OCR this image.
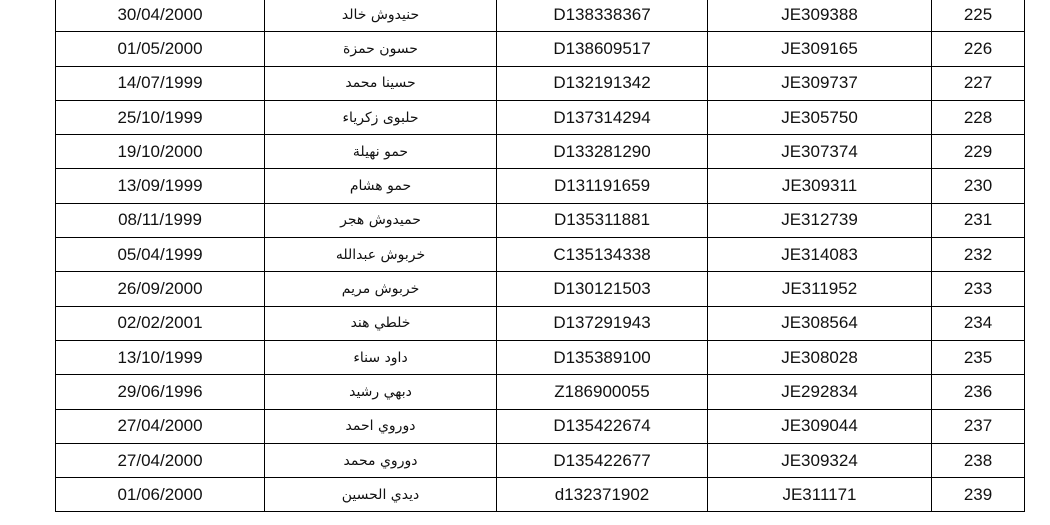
30/04/2000	حنيدوش خالد	D138338367	JE309388	225
01/05/2000	حسون حمزة	D138609517	JE309165	226
14/07/1999	حسينا محمد	D132191342	JE309737	227
25/10/1999	حلبوى زكرياء	D137314294	JE305750	228
19/10/2000	حمو نهيلة	D133281290	JE307374	229
13/09/1999	حمو هشام	D131191659	JE309311	230
08/11/1999	حميدوش هجر	D135311881	JE312739	231
05/04/1999	خربوش عبدالله	C135134338	JE314083	232
26/09/2000	خربوش مريم	D130121503	JE311952	233
02/02/2001	خلطي هند	D137291943	JE308564	234
13/10/1999	داود سناء	D135389100	JE308028	235
29/06/1996	دبهي رشيد	Z186900055	JE292834	236
27/04/2000	دوروي احمد	D135422674	JE309044	237
27/04/2000	دوروي محمد	D135422677	JE309324	238
01/06/2000	ديدي الحسين	d132371902	JE311171	239
